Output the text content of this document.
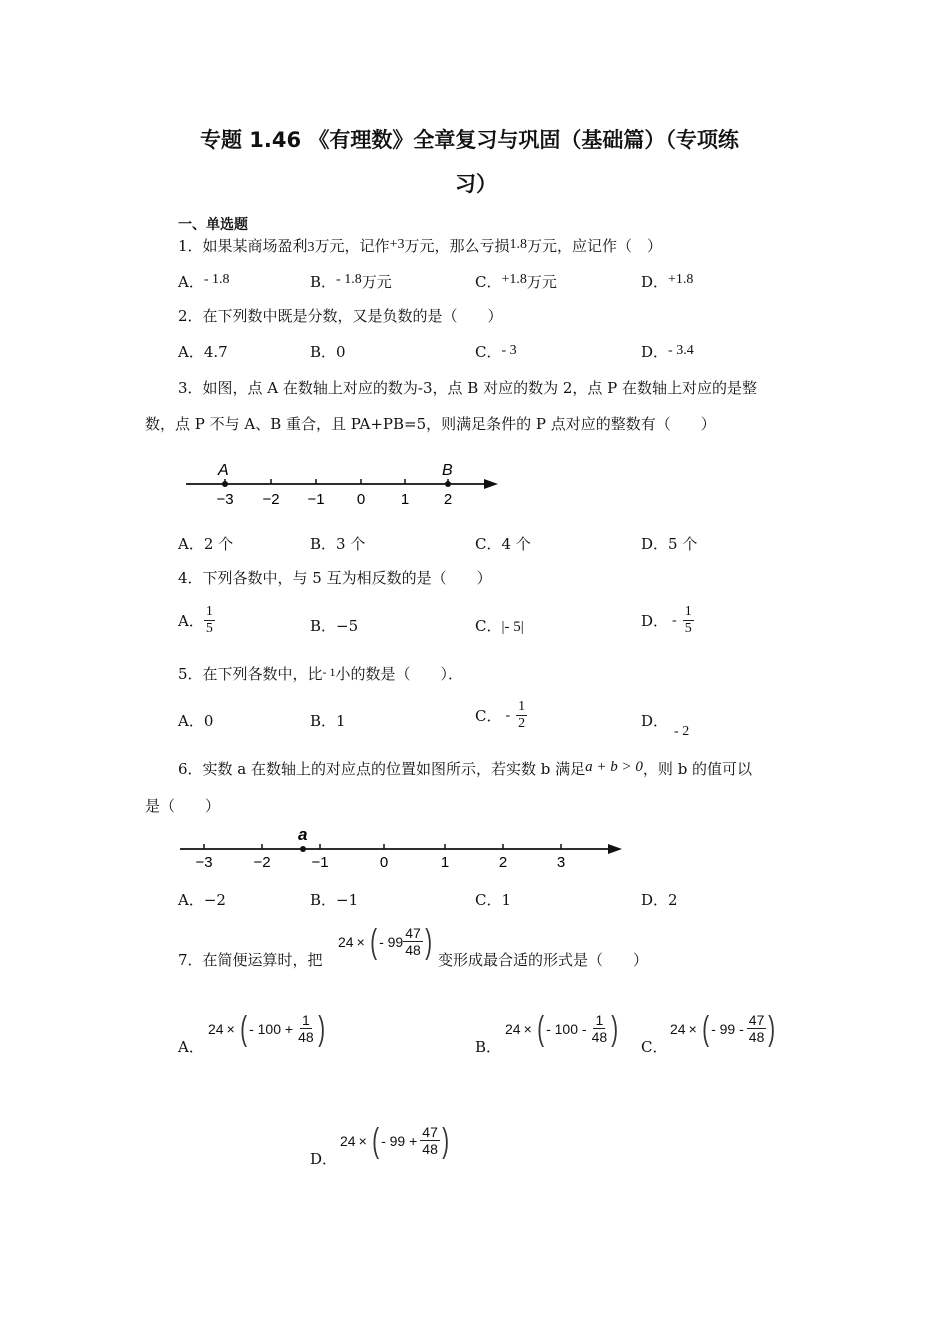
专题 1.46 《有理数》全章复习与巩固（基础篇）（专项练
习）
一、单选题
1．如果某商场盈利3万元，记作+3万元，那么亏损1.8万元，应记作（　）
A．- 1.8	B．- 1.8万元	C．+1.8万元	D．+1.8
2．在下列数中既是分数，又是负数的是（　　）
A．4.7	B．0	C．- 3	D．- 3.4
3．如图，点 A 在数轴上对应的数为-3，点 B 对应的数为 2，点 P 在数轴上对应的是整
数，点 P 不与 A、B 重合，且 PA+PB=5，则满足条件的 P 点对应的整数有（　　）
A	B
−3 −2 −1 0 1 2
A．2 个	B．3 个	C．4 个	D．5 个
4．下列各数中，与 5 互为相反数的是（　　）
A． $\frac{1}{5}$	B．−5	C．|- 5|	D． - $\frac{1}{5}$
5．在下列各数中，比$^{- 1}$小的数是（　　）．
A．0	B．1	C． - $\frac{1}{2}$	D．- 2
6．实数 a 在数轴上的对应点的位置如图所示，若实数 b 满足a + b > 0，则 b 的值可以
是（　　）
a
−3	−2	−1	0	1	2	3
A．−2	B．−1	C．1	D．2
7．在简便运算时，把
24 × ( - $99 \frac{47}{48}$ ) 变形成最合适的形式是（　　）
A．
24 × ( - $100 + \frac{1}{48}$ )	B．
24 × ( - $100 - \frac{1}{48}$ ) C．
24 × ( - $99 - \frac{47}{48}$ )
D．
24 × ( - $99 + \frac{47}{48}$ )
